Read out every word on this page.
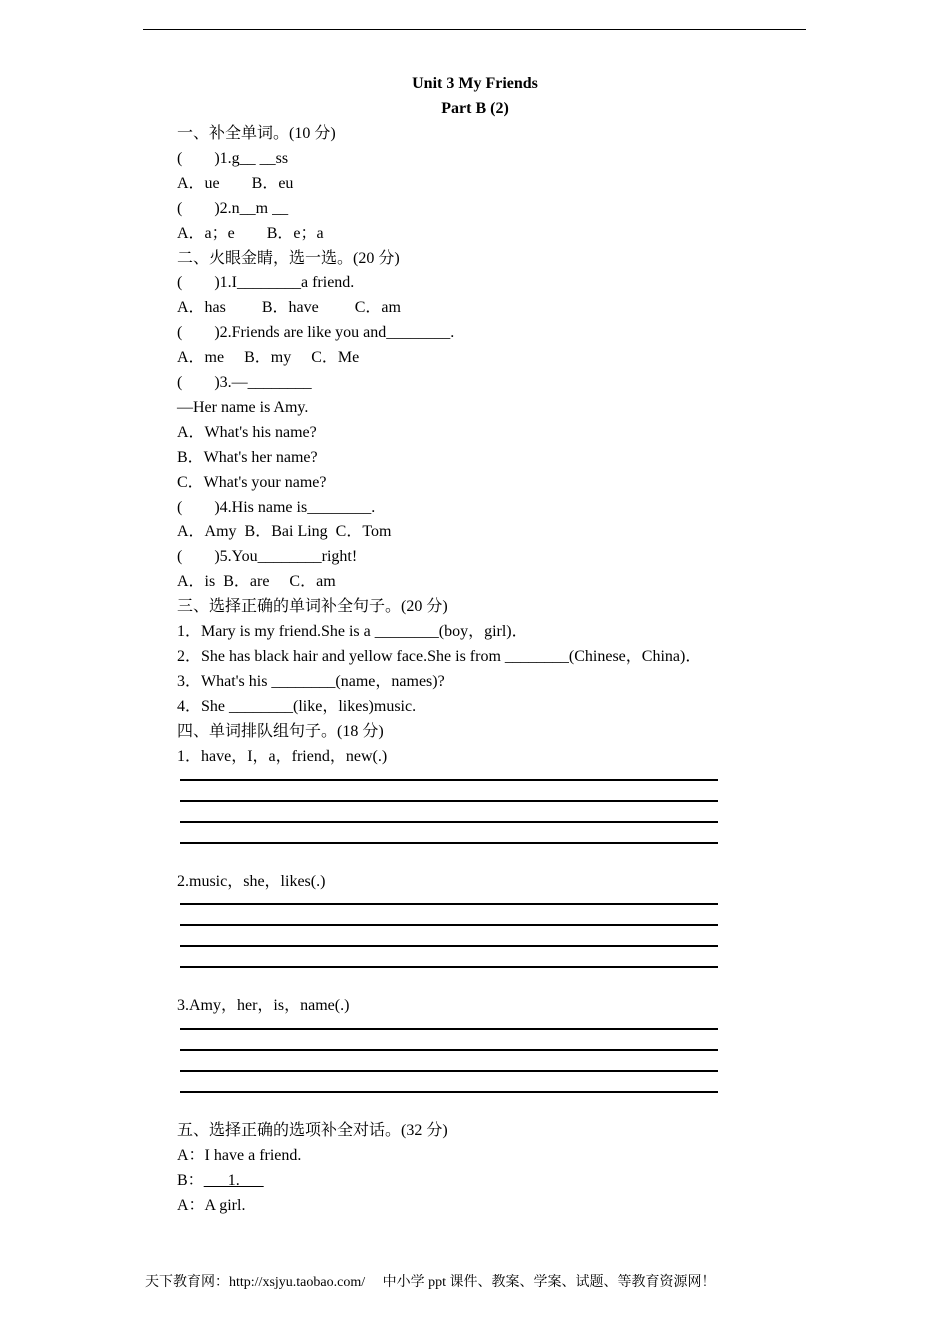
Unit 3 My Friends
Part B (2)
一、补全单词。(10 分)
(        )1.g__ __ss
A．ue        B．eu
(        )2.n__m __
A．a；e        B．e；a
二、火眼金睛，选一选。(20 分)
(        )1.I________a friend.
A．has         B．have         C．am
(        )2.Friends are like you and________.
A．me     B．my     C．Me
(        )3.—________
—Her name is Amy.
A．What's his name?
B．What's her name?
C．What's your name?
(        )4.His name is________.
A．Amy  B．Bai Ling  C．Tom
(        )5.You________right!
A．is  B．are     C．am
三、选择正确的单词补全句子。(20 分)
1．Mary is my friend.She is a ________(boy，girl)．
2．She has black hair and yellow face.She is from ________(Chinese，China)．
3．What's his ________(name，names)?
4．She ________(like，likes)music.
四、单词排队组句子。(18 分)
1．have，I，a，friend，new(.)
2.music，she，likes(.)
3.Amy，her，is，name(.)
五、选择正确的选项补全对话。(32 分)
A：I have a friend.
B：      1.
A：A girl.
天下教育网：http://xsjyu.taobao.com/     中小学 ppt 课件、教案、学案、试题、等教育资源网！
